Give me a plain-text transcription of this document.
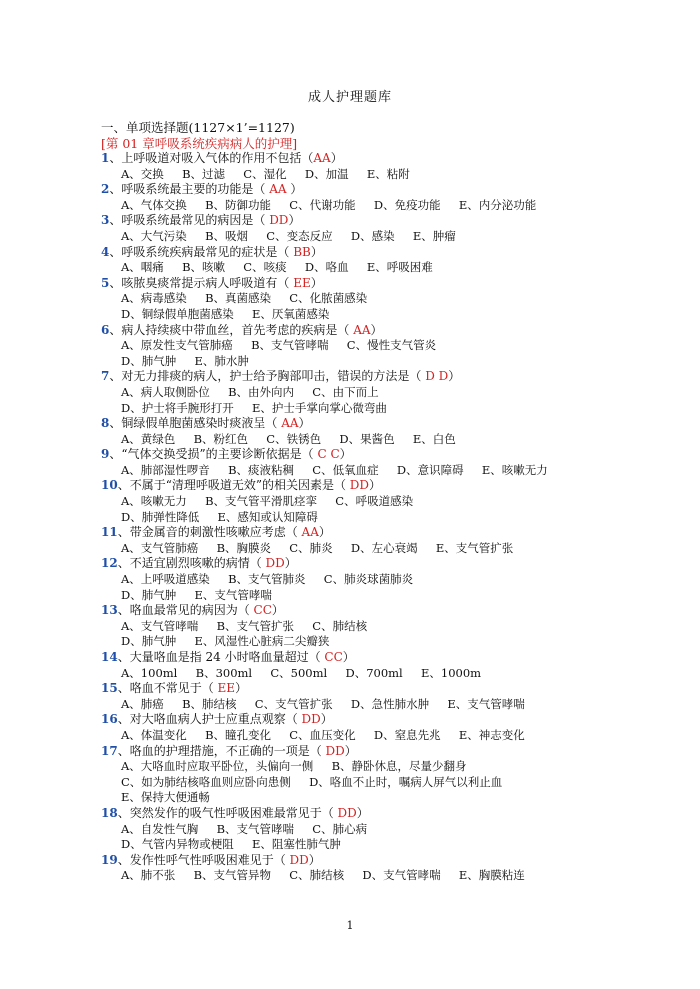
成人护理题库
一、单项选择题(1127×1’=1127)
[第 01 章呼吸系统疾病病人的护理]
1、上呼吸道对吸入气体的作用不包括（AA）
A、交换     B、过滤     C、湿化     D、加温     E、粘附
2、呼吸系统最主要的功能是（ AA ）
A、气体交换     B、防御功能     C、代谢功能     D、免疫功能     E、内分泌功能
3、呼吸系统最常见的病因是（ DD）
A、大气污染     B、吸烟     C、变态反应     D、感染     E、肿瘤
4、呼吸系统疾病最常见的症状是（ BB）
A、咽痛     B、咳嗽     C、咳痰     D、咯血     E、呼吸困难
5、咳脓臭痰常提示病人呼吸道有（ EE）
A、病毒感染     B、真菌感染     C、化脓菌感染
D、铜绿假单胞菌感染     E、厌氧菌感染
6、病人持续痰中带血丝，首先考虑的疾病是（ AA）
A、原发性支气管肺癌     B、支气管哮喘     C、慢性支气管炎
D、肺气肿     E、肺水肿
7、对无力排痰的病人，护士给予胸部叩击，错误的方法是（ D D）
A、病人取侧卧位     B、由外向内     C、由下而上
D、护士将手腕形打开     E、护士手掌向掌心微弯曲
8、铜绿假单胞菌感染时痰液呈（ AA）
A、黄绿色     B、粉红色     C、铁锈色     D、果酱色     E、白色
9、“气体交换受损”的主要诊断依据是（ C C）
A、肺部湿性啰音     B、痰液粘稠     C、低氧血症     D、意识障碍     E、咳嗽无力
10、不属于“清理呼吸道无效”的相关因素是（ DD）
A、咳嗽无力     B、支气管平滑肌痉挛     C、呼吸道感染
D、肺弹性降低     E、感知或认知障碍
11、带金属音的刺激性咳嗽应考虑（ AA）
A、支气管肺癌     B、胸膜炎     C、肺炎     D、左心衰竭     E、支气管扩张
12、不适宜剧烈咳嗽的病情（ DD）
A、上呼吸道感染     B、支气管肺炎     C、肺炎球菌肺炎
D、肺气肿     E、支气管哮喘
13、咯血最常见的病因为（ CC）
A、支气管哮喘     B、支气管扩张     C、肺结核
D、肺气肿     E、风湿性心脏病二尖瓣狭
14、大量咯血是指 24 小时咯血量超过（ CC）
A、100ml     B、300ml     C、500ml     D、700ml     E、1000m
15、咯血不常见于（ EE）
A、肺癌     B、肺结核     C、支气管扩张     D、急性肺水肿     E、支气管哮喘
16、对大咯血病人护士应重点观察（ DD）
A、体温变化     B、瞳孔变化     C、血压变化     D、窒息先兆     E、神志变化
17、咯血的护理措施，不正确的一项是（ DD）
A、大咯血时应取平卧位，头偏向一侧     B、静卧休息，尽量少翻身
C、如为肺结核咯血则应卧向患侧     D、咯血不止时，嘱病人屏气以利止血
E、保持大便通畅
18、突然发作的吸气性呼吸困难最常见于（ DD）
A、自发性气胸     B、支气管哮喘     C、肺心病
D、气管内异物或梗阻     E、阻塞性肺气肿
19、发作性呼气性呼吸困难见于（ DD）
A、肺不张     B、支气管异物     C、肺结核     D、支气管哮喘     E、胸膜粘连
1
